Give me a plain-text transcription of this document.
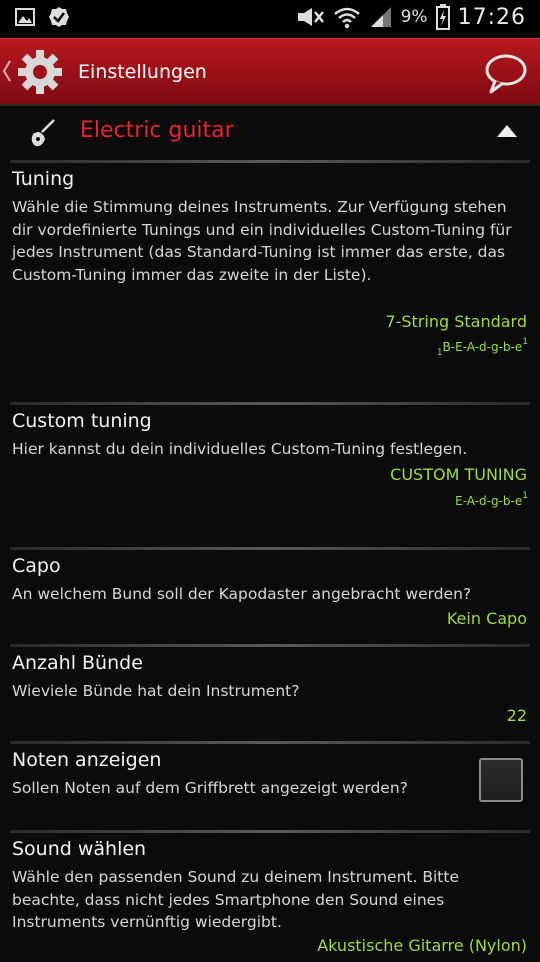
9% 17:26
Einstellungen
Electric guitar
Tuning
Wähle die Stimmung deines Instruments. Zur Verfügung stehen dir vordefinierte Tunings und ein individuelles Custom-Tuning für jedes Instrument (das Standard-Tuning ist immer das erste, das Custom-Tuning immer das zweite in der Liste).
7-String Standard
$_1B-E-A-d-g-b-e^1$
Custom tuning
Hier kannst du dein individuelles Custom-Tuning festlegen.
CUSTOM TUNING
$E-A-d-g-b-e^1$
Capo
An welchem Bund soll der Kapodaster angebracht werden?
Kein Capo
Anzahl Bünde
Wieviele Bünde hat dein Instrument?
22
Noten anzeigen
Sollen Noten auf dem Griffbrett angezeigt werden?
Sound wählen
Wähle den passenden Sound zu deinem Instrument. Bitte beachte, dass nicht jedes Smartphone den Sound eines Instruments vernünftig wiedergibt.
Akustische Gitarre (Nylon)
